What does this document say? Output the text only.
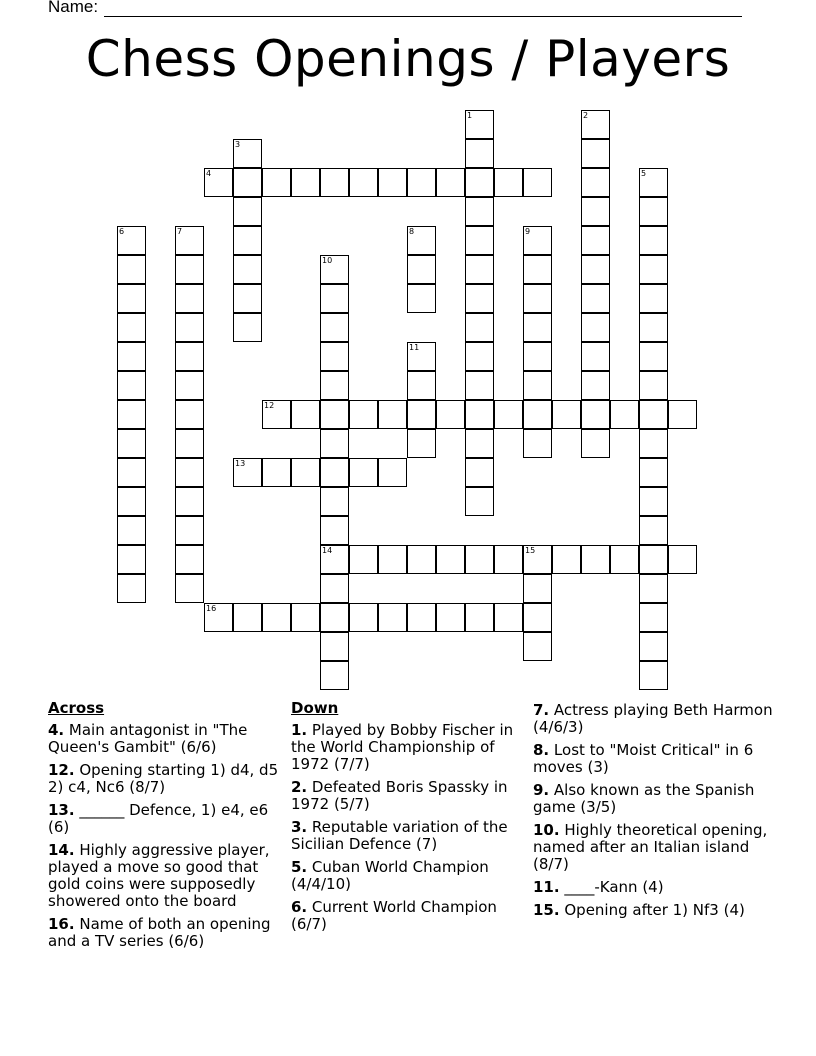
Name:
Chess Openings / Players
1	2
3
4	5
6	7	8	9
10
14
11
12
13
15
16
Across
4. Main antagonist in "The Queen's Gambit" (6/6)
12. Opening starting 1) d4, d5 2) c4, Nc6 (8/7)
13. ______ Defence, 1) e4, e6 (6)
14. Highly aggressive player, played a move so good that gold coins were supposedly showered onto the board
16. Name of both an opening and a TV series (6/6)
Down
1. Played by Bobby Fischer in the World Championship of 1972 (7/7)
2. Defeated Boris Spassky in 1972 (5/7)
3. Reputable variation of the Sicilian Defence (7)
5. Cuban World Champion (4/4/10)
6. Current World Champion (6/7)
7. Actress playing Beth Harmon (4/6/3)
8. Lost to "Moist Critical" in 6 moves (3)
9. Also known as the Spanish game (3/5)
10. Highly theoretical opening, named after an Italian island (8/7)
11. ____-Kann (4)
15. Opening after 1) Nf3 (4)
